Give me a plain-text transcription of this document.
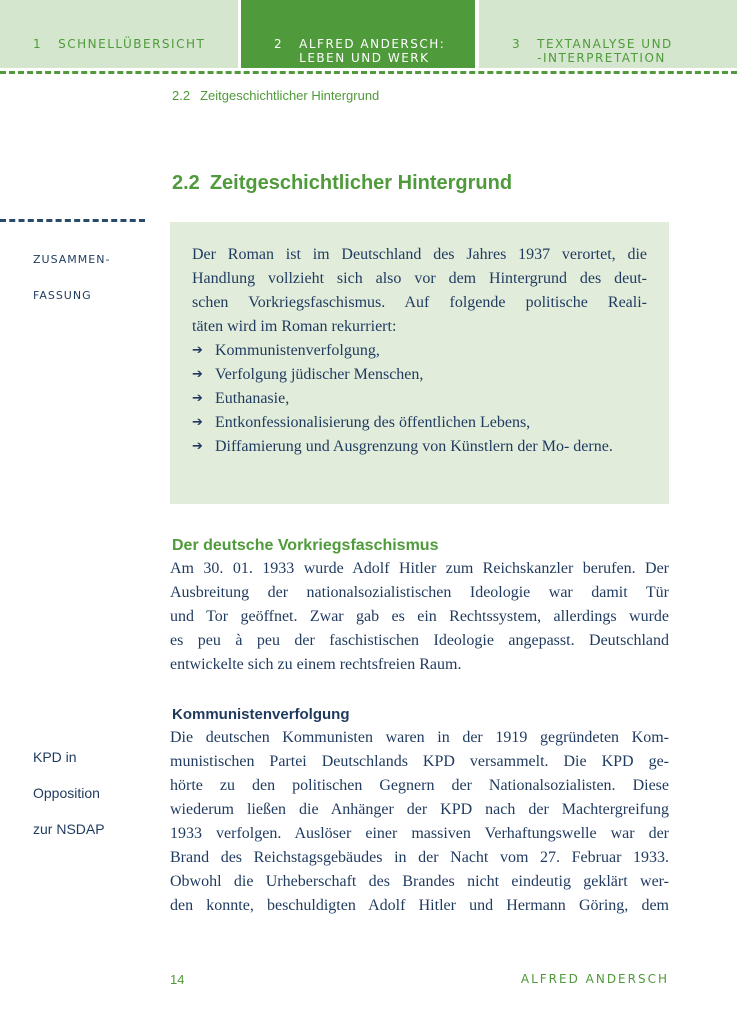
1 SCHNELLÜBERSICHT	2 ALFRED ANDERSCH:
LEBEN UND WERK
3 TEXTANALYSE UND
-INTERPRETATION
2.2 Zeitgeschichtlicher Hintergrund
2.2 Zeitgeschichtlicher Hintergrund

ZUSAMMEN-

FASSUNG

Der Roman ist im Deutschland des Jahres 1937 verortet, die
Handlung vollzieht sich also vor dem Hintergrund des deut-
schen Vorkriegsfaschismus. Auf folgende politische Reali-
täten wird im Roman rekurriert:

➔ Kommunistenverfolgung,
➔ Verfolgung jüdischer Menschen,
➔ Euthanasie,
➔ Entkonfessionalisierung des öffentlichen Lebens,
➔ Diffamierung und Ausgrenzung von Künstlern der Mo- derne.
Der deutsche Vorkriegsfaschismus
Am 30. 01. 1933 wurde Adolf Hitler zum Reichskanzler berufen. Der
Ausbreitung der nationalsozialistischen Ideologie war damit Tür
und Tor geöffnet. Zwar gab es ein Rechtssystem, allerdings wurde
es peu à peu der faschistischen Ideologie angepasst. Deutschland
entwickelte sich zu einem rechtsfreien Raum.

KPD in

Opposition

zur NSDAP

Kommunistenverfolgung
Die deutschen Kommunisten waren in der 1919 gegründeten Kom-
munistischen Partei Deutschlands KPD versammelt. Die KPD ge-
hörte zu den politischen Gegnern der Nationalsozialisten. Diese
wiederum ließen die Anhänger der KPD nach der Machtergreifung
1933 verfolgen. Auslöser einer massiven Verhaftungswelle war der
Brand des Reichstagsgebäudes in der Nacht vom 27. Februar 1933.
Obwohl die Urheberschaft des Brandes nicht eindeutig geklärt wer-
den konnte, beschuldigten Adolf Hitler und Hermann Göring, dem
14	ALFRED ANDERSCH
